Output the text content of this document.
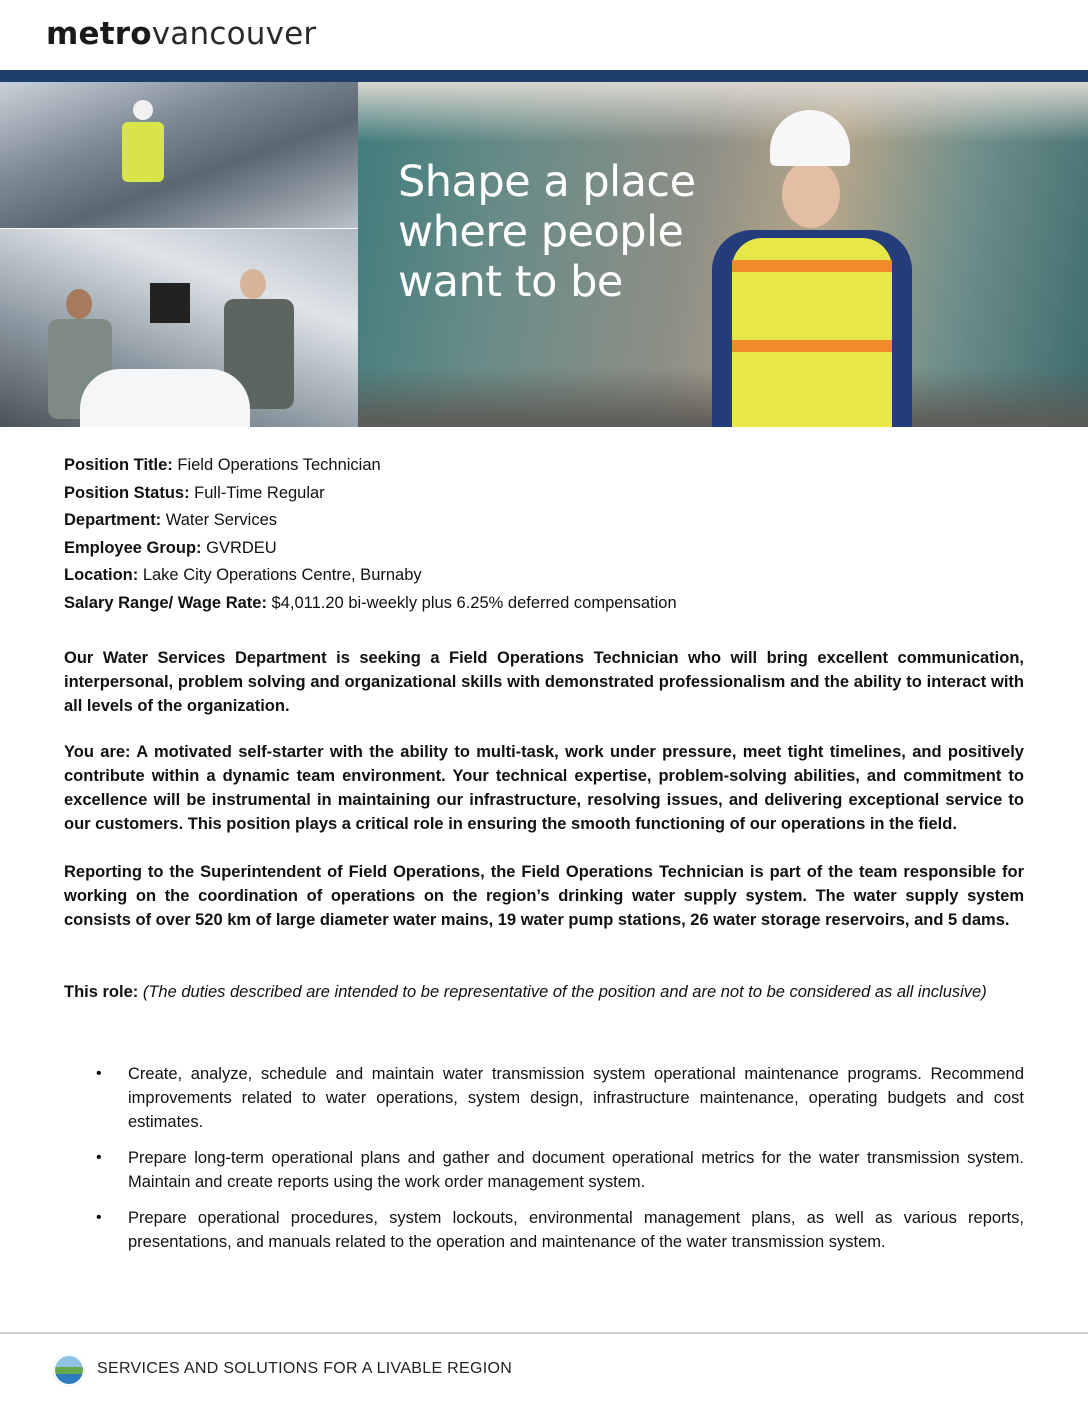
metrovancouver
Shape a place
where people
want to be
Position Title: Field Operations Technician
Position Status: Full-Time Regular
Department: Water Services
Employee Group: GVRDEU
Location: Lake City Operations Centre, Burnaby
Salary Range/ Wage Rate: $4,011.20 bi-weekly plus 6.25% deferred compensation

Our Water Services Department is seeking a Field Operations Technician who will bring excellent communication, interpersonal, problem solving and organizational skills with demonstrated professionalism and the ability to interact with all levels of the organization.

You are: A motivated self-starter with the ability to multi-task, work under pressure, meet tight timelines, and positively contribute within a dynamic team environment. Your technical expertise, problem-solving abilities, and commitment to excellence will be instrumental in maintaining our infrastructure, resolving issues, and delivering exceptional service to our customers. This position plays a critical role in ensuring the smooth functioning of our operations in the field.

Reporting to the Superintendent of Field Operations, the Field Operations Technician is part of the team responsible for working on the coordination of operations on the region’s drinking water supply system. The water supply system consists of over 520 km of large diameter water mains, 19 water pump stations, 26 water storage reservoirs, and 5 dams.

This role: (The duties described are intended to be representative of the position and are not to be considered as all inclusive)

• Create, analyze, schedule and maintain water transmission system operational maintenance programs. Recommend improvements related to water operations, system design, infrastructure maintenance, operating budgets and cost estimates.
• Prepare long-term operational plans and gather and document operational metrics for the water transmission system. Maintain and create reports using the work order management system.
• Prepare operational procedures, system lockouts, environmental management plans, as well as various reports, presentations, and manuals related to the operation and maintenance of the water transmission system.
SERVICES AND SOLUTIONS FOR A LIVABLE REGION
